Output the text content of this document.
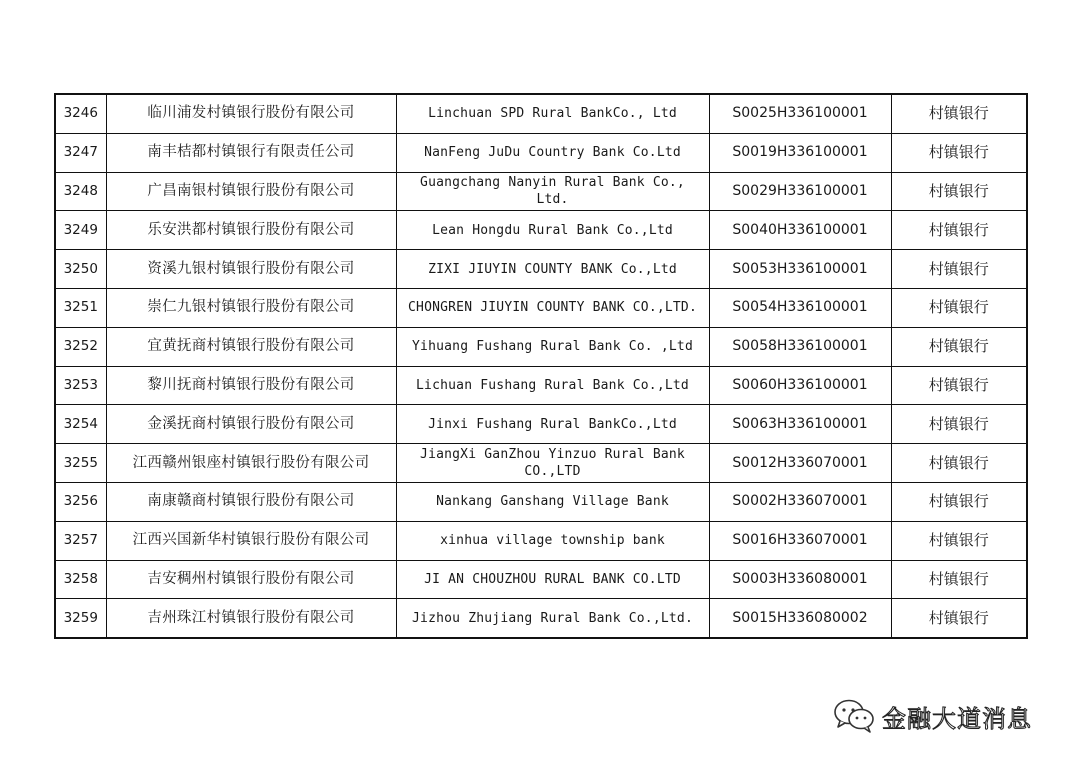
3246	临川浦发村镇银行股份有限公司	Linchuan SPD Rural BankCo., Ltd	S0025H336100001	村镇银行
3247	南丰桔都村镇银行有限责任公司	NanFeng JuDu Country Bank Co.Ltd	S0019H336100001	村镇银行
3248	广昌南银村镇银行股份有限公司	Guangchang Nanyin Rural Bank Co., Ltd.	S0029H336100001	村镇银行
3249	乐安洪都村镇银行股份有限公司	Lean Hongdu Rural Bank Co.,Ltd	S0040H336100001	村镇银行
3250	资溪九银村镇银行股份有限公司	ZIXI JIUYIN COUNTY BANK Co.,Ltd	S0053H336100001	村镇银行
3251	崇仁九银村镇银行股份有限公司	CHONGREN JIUYIN COUNTY BANK CO.,LTD.	S0054H336100001	村镇银行
3252	宜黄抚商村镇银行股份有限公司	Yihuang Fushang Rural Bank Co. ,Ltd	S0058H336100001	村镇银行
3253	黎川抚商村镇银行股份有限公司	Lichuan Fushang Rural Bank Co.,Ltd	S0060H336100001	村镇银行
3254	金溪抚商村镇银行股份有限公司	Jinxi Fushang Rural BankCo.,Ltd	S0063H336100001	村镇银行
3255	江西赣州银座村镇银行股份有限公司	JiangXi GanZhou Yinzuo Rural Bank CO.,LTD	S0012H336070001	村镇银行
3256	南康赣商村镇银行股份有限公司	Nankang Ganshang Village Bank	S0002H336070001	村镇银行
3257	江西兴国新华村镇银行股份有限公司	xinhua village township bank	S0016H336070001	村镇银行
3258	吉安稠州村镇银行股份有限公司	JI AN CHOUZHOU RURAL BANK CO.LTD	S0003H336080001	村镇银行
3259	吉州珠江村镇银行股份有限公司	Jizhou Zhujiang Rural Bank Co.,Ltd.	S0015H336080002	村镇银行
金融大道消息
